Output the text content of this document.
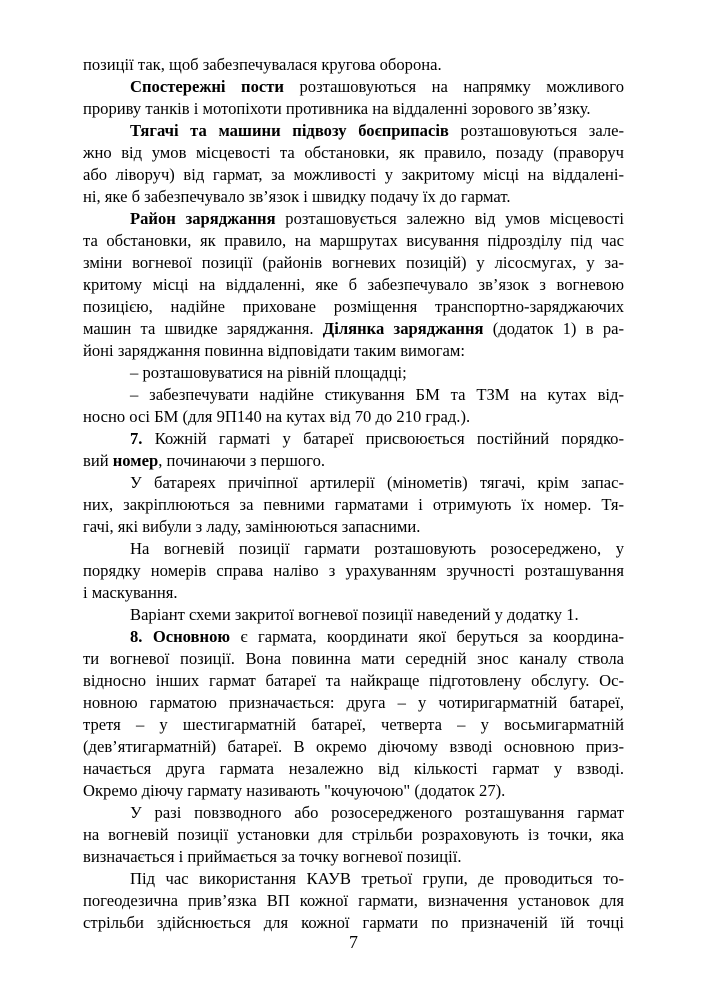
позиції так, щоб забезпечувалася кругова оборона.
Спостережні пости розташовуються на напрямку можливого
прориву танків і мотопіхоти противника на віддаленні зорового зв’язку.
Тягачі та машини підвозу боєприпасів розташовуються зале-
жно від умов місцевості та обстановки, як правило, позаду (праворуч
або ліворуч) від гармат, за можливості у закритому місці на віддалені-
ні, яке б забезпечувало зв’язок і швидку подачу їх до гармат.
Район заряджання розташовується залежно від умов місцевості
та обстановки, як правило, на маршрутах висування підрозділу під час
зміни вогневої позиції (районів вогневих позицій) у лісосмугах, у за-
критому місці на віддаленні, яке б забезпечувало зв’язок з вогневою
позицією, надійне приховане розміщення транспортно-заряджаючих
машин та швидке заряджання. Ділянка заряджання (додаток 1) в ра-
йоні заряджання повинна відповідати таким вимогам:
– розташовуватися на рівній площадці;
– забезпечувати надійне стикування БМ та ТЗМ на кутах від-
носно осі БМ (для 9П140 на кутах від 70 до 210 град.).
7. Кожній гарматі у батареї присвоюється постійний порядко-
вий номер, починаючи з першого.
У батареях причіпної артилерії (мінометів) тягачі, крім запас-
них, закріплюються за певними гарматами і отримують їх номер. Тя-
гачі, які вибули з ладу, замінюються запасними.
На вогневій позиції гармати розташовують розосереджено, у
порядку номерів справа наліво з урахуванням зручності розташування
і маскування.
Варіант схеми закритої вогневої позиції наведений у додатку 1.
8. Основною є гармата, координати якої беруться за координа-
ти вогневої позиції. Вона повинна мати середній знос каналу ствола
відносно інших гармат батареї та найкраще підготовлену обслугу. Ос-
новною гарматою призначається: друга – у чотиригарматній батареї,
третя – у шестигарматній батареї, четверта – у восьмигарматній
(дев’ятигарматній) батареї. В окремо діючому взводі основною приз-
начається друга гармата незалежно від кількості гармат у взводі.
Окремо діючу гармату називають "кочуючою" (додаток 27).
У разі повзводного або розосередженого розташування гармат
на вогневій позиції установки для стрільби розраховують із точки, яка
визначається і приймається за точку вогневої позиції.
Під час використання КАУВ третьої групи, де проводиться то-
погеодезична прив’язка ВП кожної гармати, визначення установок для
стрільби здійснюється для кожної гармати по призначеній їй точці
7
